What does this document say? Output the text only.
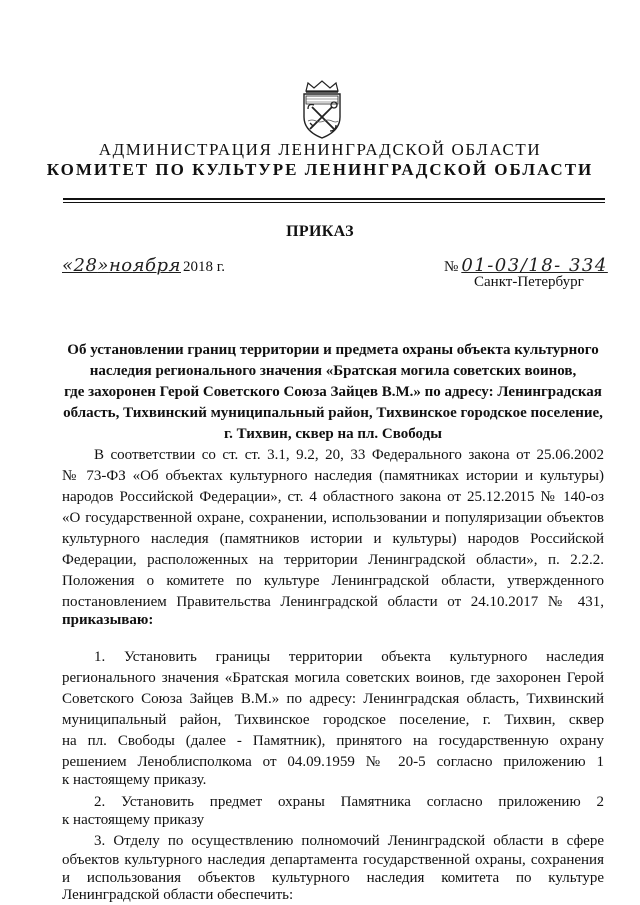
АДМИНИСТРАЦИЯ ЛЕНИНГРАДСКОЙ ОБЛАСТИ
КОМИТЕТ ПО КУЛЬТУРЕ ЛЕНИНГРАДСКОЙ ОБЛАСТИ
ПРИКАЗ
«28»ноября 2018 г.	№ 01-03/18- 334
Санкт-Петербург
Об установлении границ территории и предмета охраны объекта культурного
наследия регионального значения «Братская могила советских воинов,
где захоронен Герой Советского Союза Зайцев В.М.» по адресу: Ленинградская
область, Тихвинский муниципальный район, Тихвинское городское поселение,
г. Тихвин, сквер на пл. Свободы
В соответствии со ст. ст. 3.1, 9.2, 20, 33 Федерального закона от 25.06.2002
№ 73-ФЗ «Об объектах культурного наследия (памятниках истории и культуры)
народов Российской Федерации», ст. 4 областного закона от 25.12.2015 № 140-оз
«О государственной охране, сохранении, использовании и популяризации объектов
культурного наследия (памятников истории и культуры) народов Российской
Федерации, расположенных на территории Ленинградской области», п. 2.2.2.
Положения о комитете по культуре Ленинградской области, утвержденного
постановлением Правительства Ленинградской области от 24.10.2017 № 431,
приказываю:
1. Установить границы территории объекта культурного наследия
регионального значения «Братская могила советских воинов, где захоронен Герой
Советского Союза Зайцев В.М.» по адресу: Ленинградская область, Тихвинский
муниципальный район, Тихвинское городское поселение, г. Тихвин, сквер
на пл. Свободы (далее - Памятник), принятого на государственную охрану
решением Леноблисполкома от 04.09.1959 № 20-5 согласно приложению 1
к настоящему приказу.
2. Установить предмет охраны Памятника согласно приложению 2
к настоящему приказу
3. Отделу по осуществлению полномочий Ленинградской области в сфере
объектов культурного наследия департамента государственной охраны, сохранения
и использования объектов культурного наследия комитета по культуре
Ленинградской области обеспечить:
